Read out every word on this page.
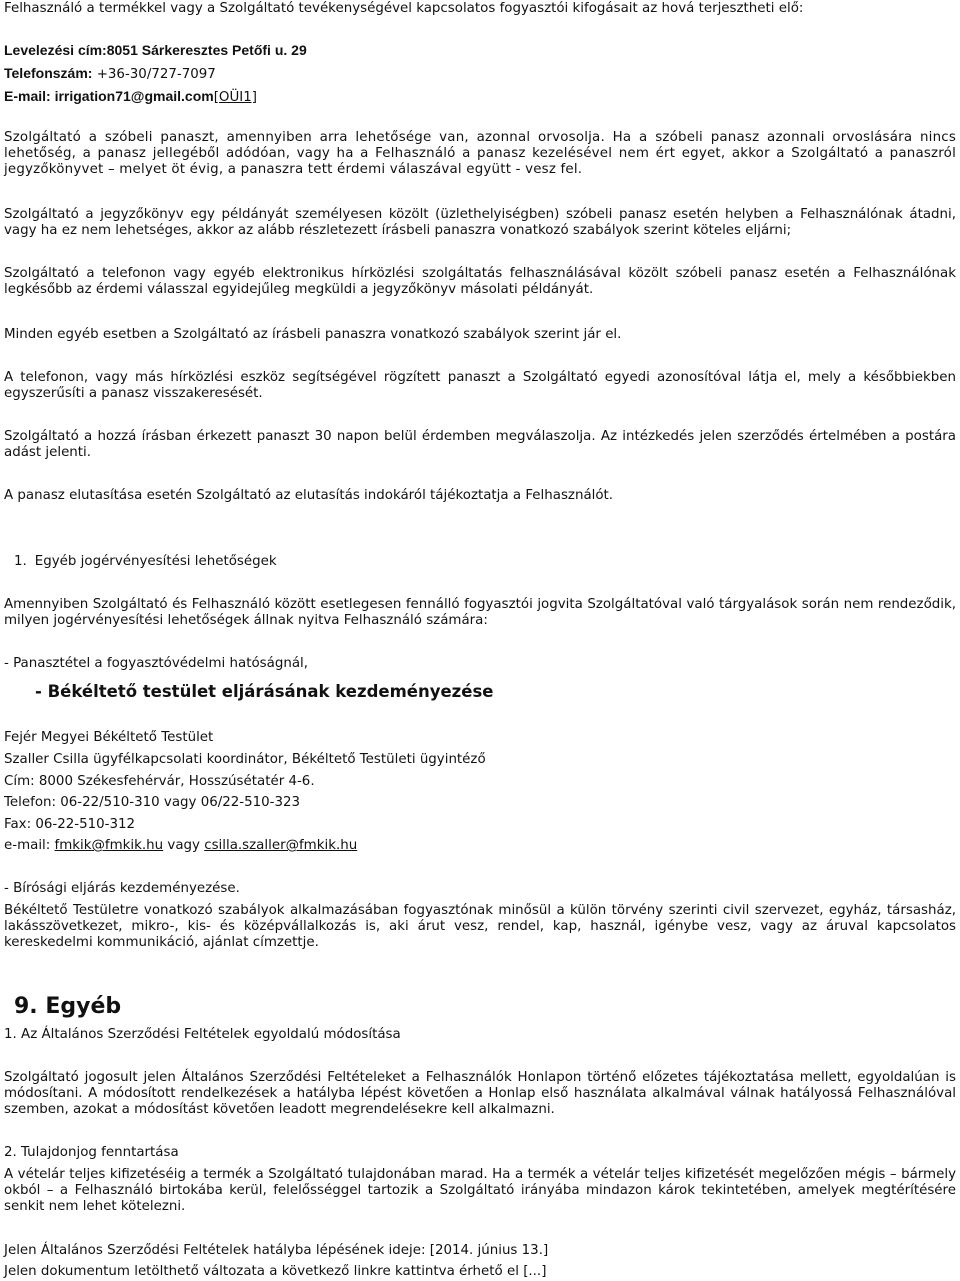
Felhasználó a termékkel vagy a Szolgáltató tevékenységével kapcsolatos fogyasztói kifogásait az hová terjesztheti elő:

Levelezési cím:8051 Sárkeresztes Petőfi u. 29

Telefonszám: +36-30/727-7097

E-mail: irrigation71@gmail.com[OÜI1]

Szolgáltató a szóbeli panaszt, amennyiben arra lehetősége van, azonnal orvosolja. Ha a szóbeli panasz azonnali orvoslására nincs lehetőség, a panasz jellegéből adódóan, vagy ha a Felhasználó a panasz kezelésével nem ért egyet, akkor a Szolgáltató a panaszról jegyzőkönyvet – melyet öt évig, a panaszra tett érdemi válaszával együtt - vesz fel.

Szolgáltató a jegyzőkönyv egy példányát személyesen közölt (üzlethelyiségben) szóbeli panasz esetén helyben a Felhasználónak átadni, vagy ha ez nem lehetséges, akkor az alább részletezett írásbeli panaszra vonatkozó szabályok szerint köteles eljárni;

Szolgáltató a telefonon vagy egyéb elektronikus hírközlési szolgáltatás felhasználásával közölt szóbeli panasz esetén a Felhasználónak legkésőbb az érdemi válasszal egyidejűleg megküldi a jegyzőkönyv másolati példányát.

Minden egyéb esetben a Szolgáltató az írásbeli panaszra vonatkozó szabályok szerint jár el.

A telefonon, vagy más hírközlési eszköz segítségével rögzített panaszt a Szolgáltató egyedi azonosítóval látja el, mely a későbbiekben egyszerűsíti a panasz visszakeresését.

Szolgáltató a hozzá írásban érkezett panaszt 30 napon belül érdemben megválaszolja. Az intézkedés jelen szerződés értelmében a postára adást jelenti.

A panasz elutasítása esetén Szolgáltató az elutasítás indokáról tájékoztatja a Felhasználót.

1. Egyéb jogérvényesítési lehetőségek

Amennyiben Szolgáltató és Felhasználó között esetlegesen fennálló fogyasztói jogvita Szolgáltatóval való tárgyalások során nem rendeződik, milyen jogérvényesítési lehetőségek állnak nyitva Felhasználó számára:

- Panasztétel a fogyasztóvédelmi hatóságnál,

- Békéltető testület eljárásának kezdeményezése

Fejér Megyei Békéltető Testület

Szaller Csilla ügyfélkapcsolati koordinátor, Békéltető Testületi ügyintéző

Cím: 8000 Székesfehérvár, Hosszúsétatér 4-6.

Telefon: 06-22/510-310 vagy 06/22-510-323

Fax: 06-22-510-312

e-mail: fmkik@fmkik.hu vagy csilla.szaller@fmkik.hu

- Bírósági eljárás kezdeményezése.

Békéltető Testületre vonatkozó szabályok alkalmazásában fogyasztónak minősül a külön törvény szerinti civil szervezet, egyház, társasház, lakásszövetkezet, mikro-, kis- és középvállalkozás is, aki árut vesz, rendel, kap, használ, igénybe vesz, vagy az áruval kapcsolatos kereskedelmi kommunikáció, ajánlat címzettje.

9. Egyéb

1. Az Általános Szerződési Feltételek egyoldalú módosítása

Szolgáltató jogosult jelen Általános Szerződési Feltételeket a Felhasználók Honlapon történő előzetes tájékoztatása mellett, egyoldalúan is módosítani. A módosított rendelkezések a hatályba lépést követően a Honlap első használata alkalmával válnak hatályossá Felhasználóval szemben, azokat a módosítást követően leadott megrendelésekre kell alkalmazni.

2. Tulajdonjog fenntartása

A vételár teljes kifizetéséig a termék a Szolgáltató tulajdonában marad. Ha a termék a vételár teljes kifizetését megelőzően mégis – bármely okból – a Felhasználó birtokába kerül, felelősséggel tartozik a Szolgáltató irányába mindazon károk tekintetében, amelyek megtérítésére senkit nem lehet kötelezni.

Jelen Általános Szerződési Feltételek hatályba lépésének ideje: [2014. június 13.]

Jelen dokumentum letölthető változata a következő linkre kattintva érhető el [...]
